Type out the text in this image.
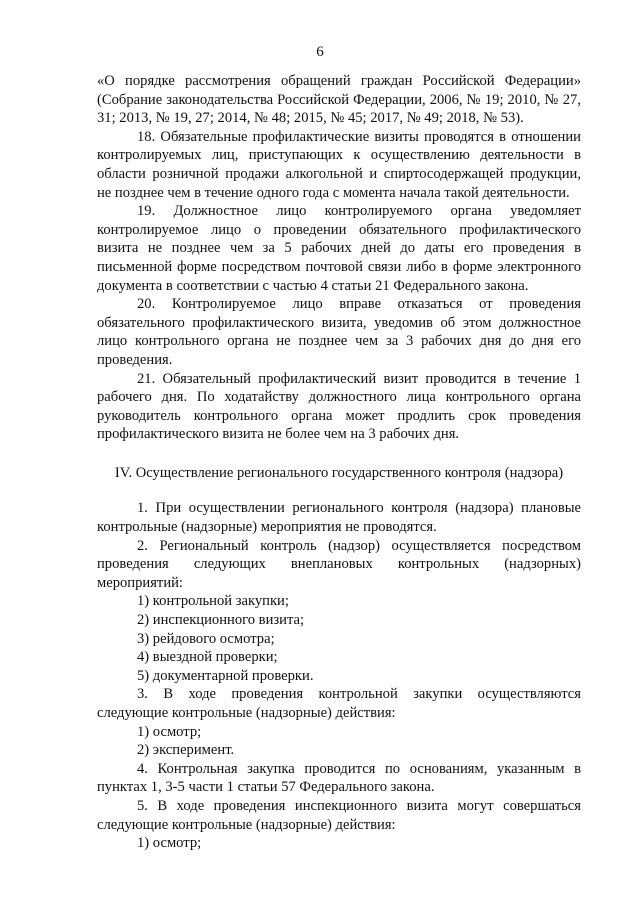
6

«О порядке рассмотрения обращений граждан Российской Федерации» (Собрание законодательства Российской Федерации, 2006, № 19; 2010, № 27, 31; 2013, № 19, 27; 2014, № 48; 2015, № 45; 2017, № 49; 2018, № 53).

18. Обязательные профилактические визиты проводятся в отношении контролируемых лиц, приступающих к осуществлению деятельности в области розничной продажи алкогольной и спиртосодержащей продукции, не позднее чем в течение одного года с момента начала такой деятельности.

19. Должностное лицо контролируемого органа уведомляет контролируемое лицо о проведении обязательного профилактического визита не позднее чем за 5 рабочих дней до даты его проведения в письменной форме посредством почтовой связи либо в форме электронного документа в соответствии с частью 4 статьи 21 Федерального закона.

20. Контролируемое лицо вправе отказаться от проведения обязательного профилактического визита, уведомив об этом должностное лицо контрольного органа не позднее чем за 3 рабочих дня до дня его проведения.

21. Обязательный профилактический визит проводится в течение 1 рабочего дня. По ходатайству должностного лица контрольного органа руководитель контрольного органа может продлить срок проведения профилактического визита не более чем на 3 рабочих дня.

IV. Осуществление регионального государственного контроля (надзора)

1. При осуществлении регионального контроля (надзора) плановые контрольные (надзорные) мероприятия не проводятся.

2. Региональный контроль (надзор) осуществляется посредством проведения следующих внеплановых контрольных (надзорных) мероприятий:

1) контрольной закупки;

2) инспекционного визита;

3) рейдового осмотра;

4) выездной проверки;

5) документарной проверки.

3. В ходе проведения контрольной закупки осуществляются следующие контрольные (надзорные) действия:

1) осмотр;

2) эксперимент.

4. Контрольная закупка проводится по основаниям, указанным в пунктах 1, 3-5 части 1 статьи 57 Федерального закона.

5. В ходе проведения инспекционного визита могут совершаться следующие контрольные (надзорные) действия:

1) осмотр;
